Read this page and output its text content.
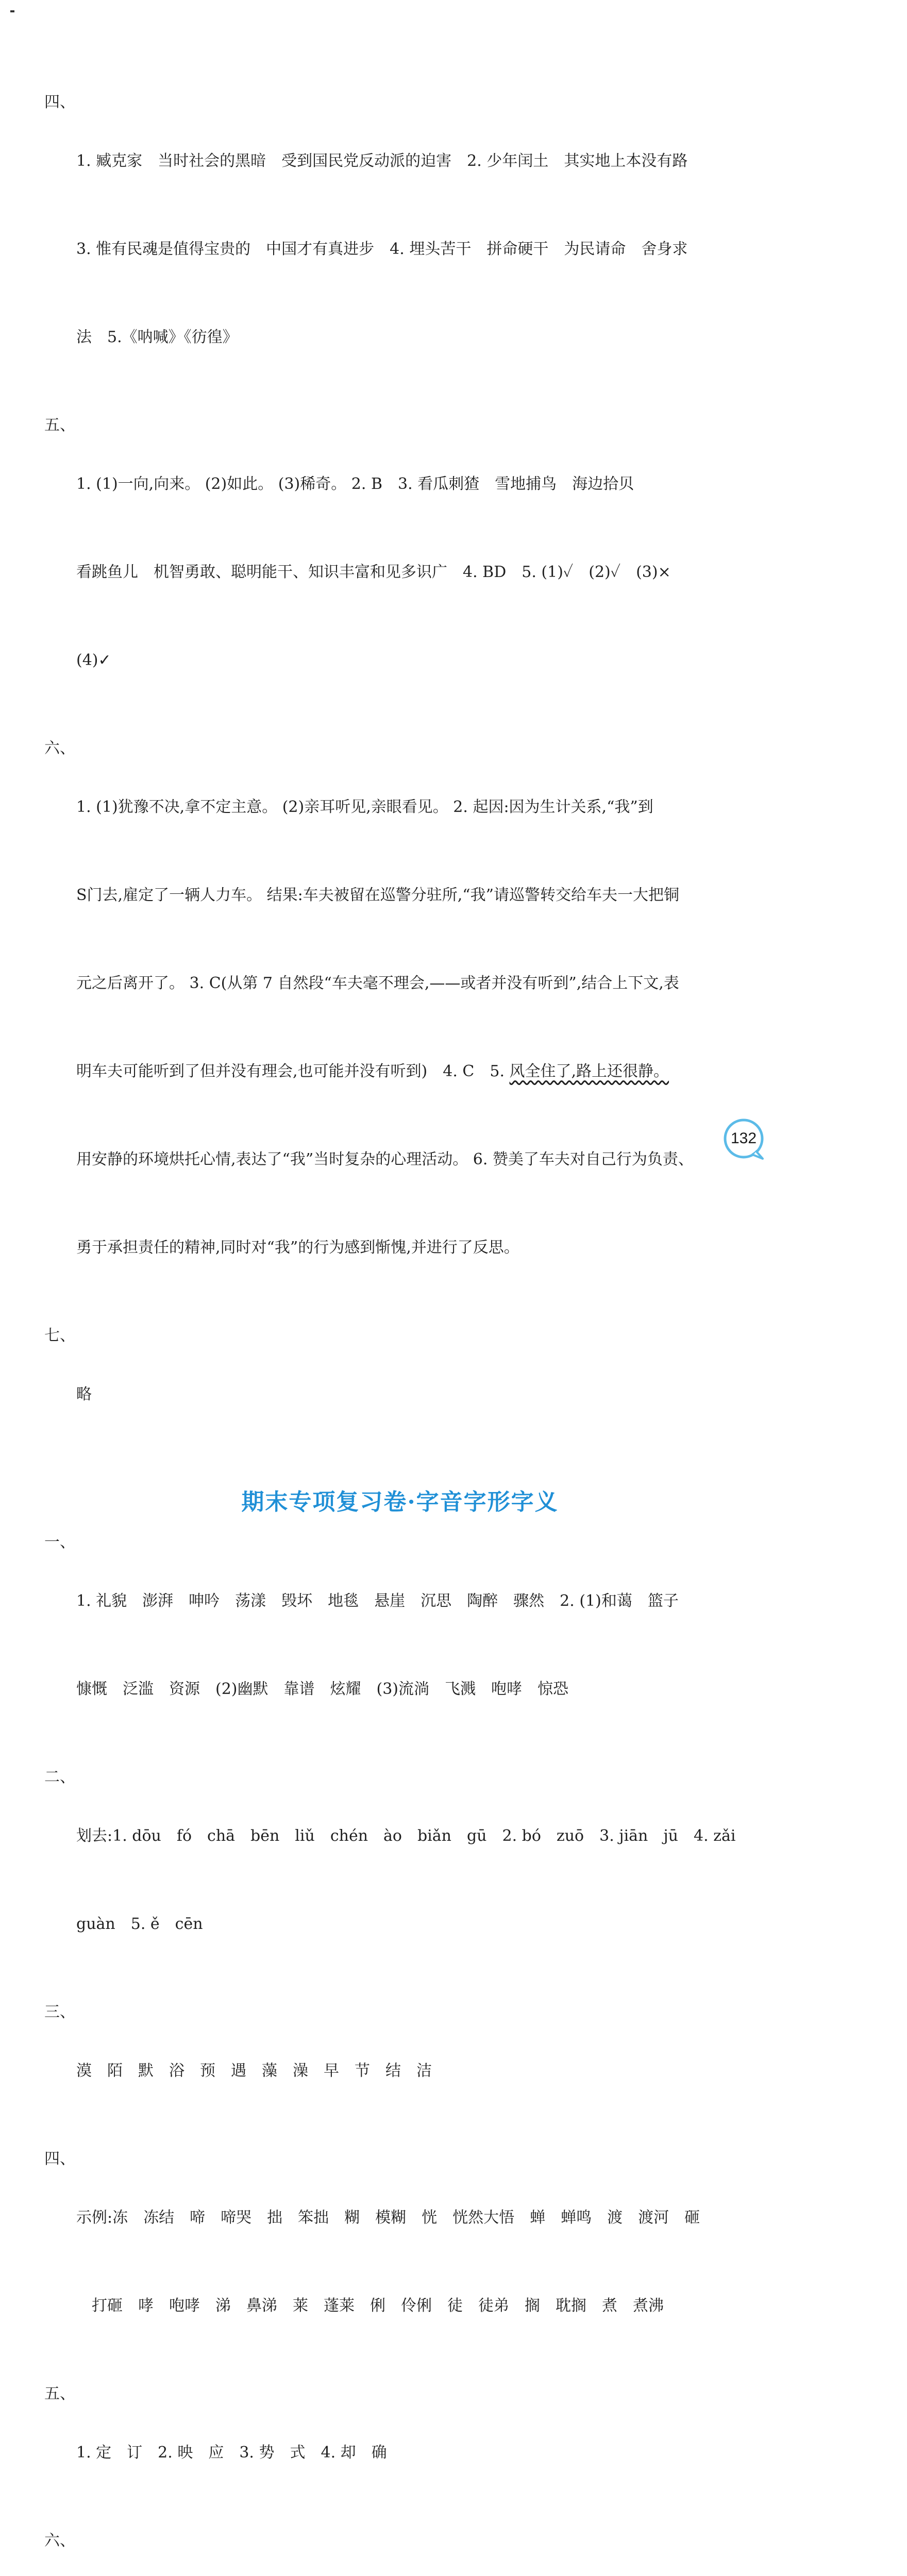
四、

1. 臧克家　当时社会的黑暗　受到国民党反动派的迫害　2. 少年闰土　其实地上本没有路

3. 惟有民魂是值得宝贵的　中国才有真进步　4. 埋头苦干　拼命硬干　为民请命　舍身求

法　5.《呐喊》《彷徨》

五、

1. (1)一向,向来。 (2)如此。 (3)稀奇。 2. B　3. 看瓜刺猹　雪地捕鸟　海边拾贝

看跳鱼儿　机智勇敢、聪明能干、知识丰富和见多识广　4. BD　5. (1)✓　(2)✓　(3)×

(4)✓

六、

1. (1)犹豫不决,拿不定主意。 (2)亲耳听见,亲眼看见。 2. 起因:因为生计关系,“我”到

S门去,雇定了一辆人力车。 结果:车夫被留在巡警分驻所,“我”请巡警转交给车夫一大把铜

元之后离开了。 3. C(从第 7 自然段“车夫毫不理会,——或者并没有听到”,结合上下文,表

明车夫可能听到了但并没有理会,也可能并没有听到)　4. C　5. 风全住了,路上还很静。

用安静的环境烘托心情,表达了“我”当时复杂的心理活动。 6. 赞美了车夫对自己行为负责、

勇于承担责任的精神,同时对“我”的行为感到惭愧,并进行了反思。

七、

略

期末专项复习卷·字音字形字义
一、

1. 礼貌　澎湃　呻吟　荡漾　毁坏　地毯　悬崖　沉思　陶醉　骤然　2. (1)和蔼　篮子

慷慨　泛滥　资源　(2)幽默　靠谱　炫耀　(3)流淌　飞溅　咆哮　惊恐

二、

划去:1. dōu　fó　chā　bēn　liǔ　chén　ào　biǎn　gū　2. bó　zuō　3. jiān　jū　4. zǎi

guàn　5. ě　cēn

三、

漠　陌　默　浴　预　遇　藻　澡　早　节　结　洁

四、

示例:冻　冻结　啼　啼哭　拙　笨拙　糊　模糊　恍　恍然大悟　蝉　蝉鸣　渡　渡河　砸

　打砸　哮　咆哮　涕　鼻涕　莱　蓬莱　俐　伶俐　徒　徒弟　搁　耽搁　煮　煮沸

五、

1. 定　订　2. 映　应　3. 势　式　4. 却　确

六、

132
